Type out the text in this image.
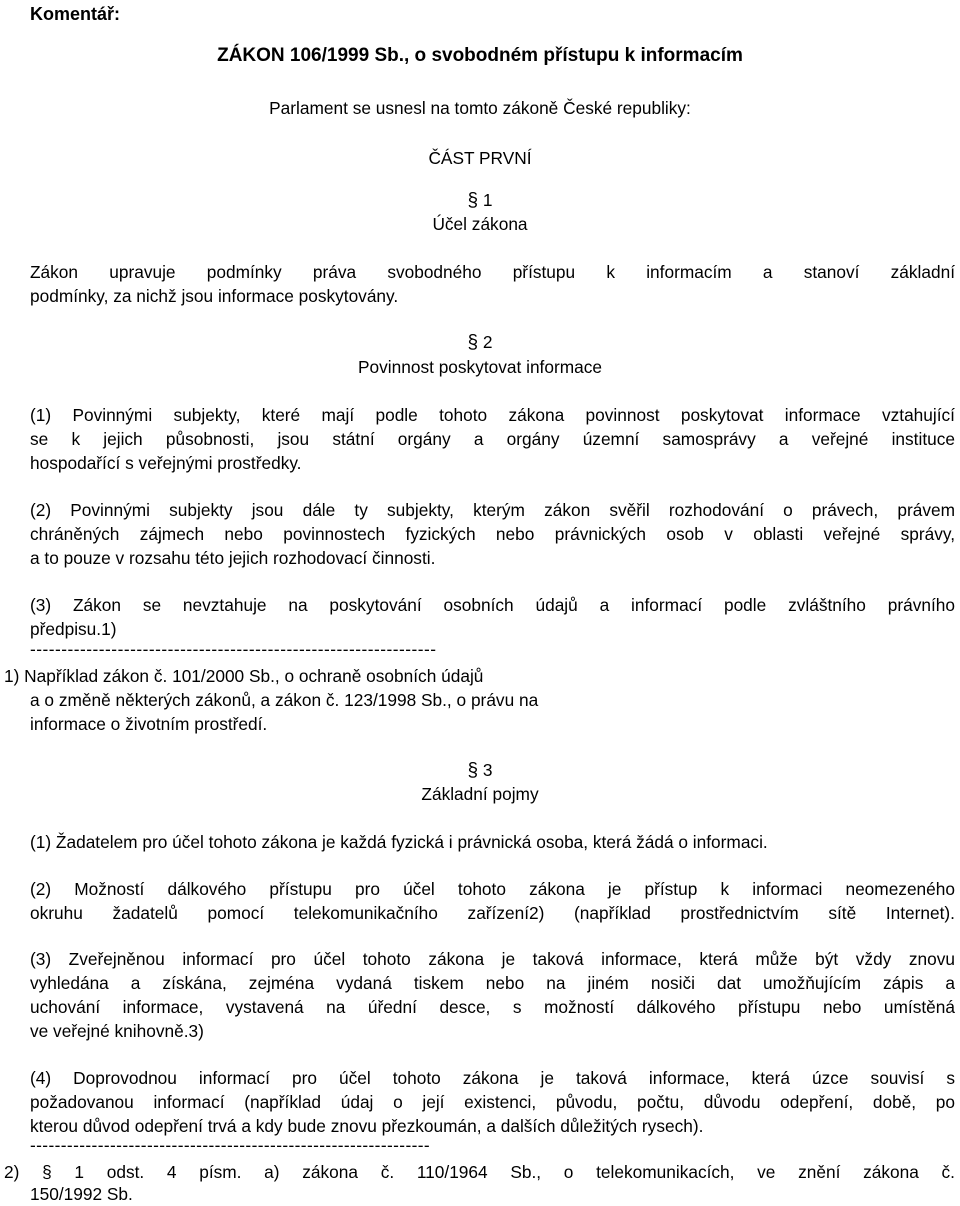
Komentář:
ZÁKON 106/1999 Sb., o svobodném přístupu k informacím
Parlament se usnesl na tomto zákoně České republiky:
ČÁST PRVNÍ
§ 1
Účel zákona
Zákon upravuje podmínky práva svobodného přístupu k informacím a stanoví základní
podmínky, za nichž jsou informace poskytovány.
§ 2
Povinnost poskytovat informace
(1) Povinnými subjekty, které mají podle tohoto zákona povinnost poskytovat informace vztahující
se k jejich působnosti, jsou státní orgány a orgány územní samosprávy a veřejné instituce
hospodařící s veřejnými prostředky.
(2) Povinnými subjekty jsou dále ty subjekty, kterým zákon svěřil rozhodování o právech, právem
chráněných zájmech nebo povinnostech fyzických nebo právnických osob v oblasti veřejné správy,
a to pouze v rozsahu této jejich rozhodovací činnosti.
(3) Zákon se nevztahuje na poskytování osobních údajů a informací podle zvláštního právního
předpisu.1)
-----------------------------------------------------------------
1) Například zákon č. 101/2000 Sb., o ochraně osobních údajů
a o změně některých zákonů, a zákon č. 123/1998 Sb., o právu na
informace o životním prostředí.
§ 3
Základní pojmy
(1) Žadatelem pro účel tohoto zákona je každá fyzická i právnická osoba, která žádá o informaci.
(2) Možností dálkového přístupu pro účel tohoto zákona je přístup k informaci neomezeného
okruhu žadatelů pomocí telekomunikačního zařízení2) (například prostřednictvím sítě Internet).
(3) Zveřejněnou informací pro účel tohoto zákona je taková informace, která může být vždy znovu
vyhledána a získána, zejména vydaná tiskem nebo na jiném nosiči dat umožňujícím zápis a
uchování informace, vystavená na úřední desce, s možností dálkového přístupu nebo umístěná
ve veřejné knihovně.3)
(4) Doprovodnou informací pro účel tohoto zákona je taková informace, která úzce souvisí s
požadovanou informací (například údaj o její existenci, původu, počtu, důvodu odepření, době, po
kterou důvod odepření trvá a kdy bude znovu přezkoumán, a dalších důležitých rysech).
-----------------------------------------------------------------
2) § 1 odst. 4 písm. a) zákona č. 110/1964 Sb., o telekomunikacích, ve znění zákona č.
150/1992 Sb.
